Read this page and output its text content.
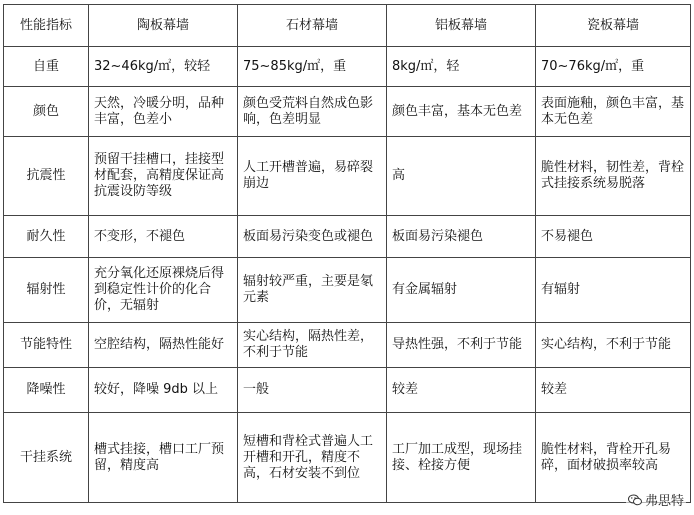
性能指标	陶板幕墙	石材幕墙	铝板幕墙	瓷板幕墙
自重	32~46kg/㎡，较轻	75~85kg/㎡，重	8kg/㎡，轻	70~76kg/㎡，重
颜色	天然，冷暖分明，品种丰富，色差小	颜色受荒料自然成色影响，色差明显	颜色丰富，基本无色差	表面施釉，颜色丰富，基本无色差
抗震性	预留干挂槽口，挂接型材配套，高精度保证高抗震设防等级	人工开槽普遍，易碎裂崩边	高	脆性材料，韧性差，背栓式挂接系统易脱落
耐久性	不变形，不褪色	板面易污染变色或褪色	板面易污染褪色	不易褪色
辐射性	充分氧化还原裸烧后得到稳定性计价的化合价，无辐射	辐射较严重，主要是氡元素	有金属辐射	有辐射
节能特性	空腔结构，隔热性能好	实心结构，隔热性差，不利于节能	导热性强，不利于节能	实心结构，不利于节能
降噪性	较好，降噪 9db 以上	一般	较差	较差
干挂系统	槽式挂接，槽口工厂预留，精度高	短槽和背栓式普遍人工开槽和开孔，精度不高，石材安装不到位	工厂加工成型，现场挂接、栓接方便	脆性材料，背栓开孔易碎，面材破损率较高
弗思特
